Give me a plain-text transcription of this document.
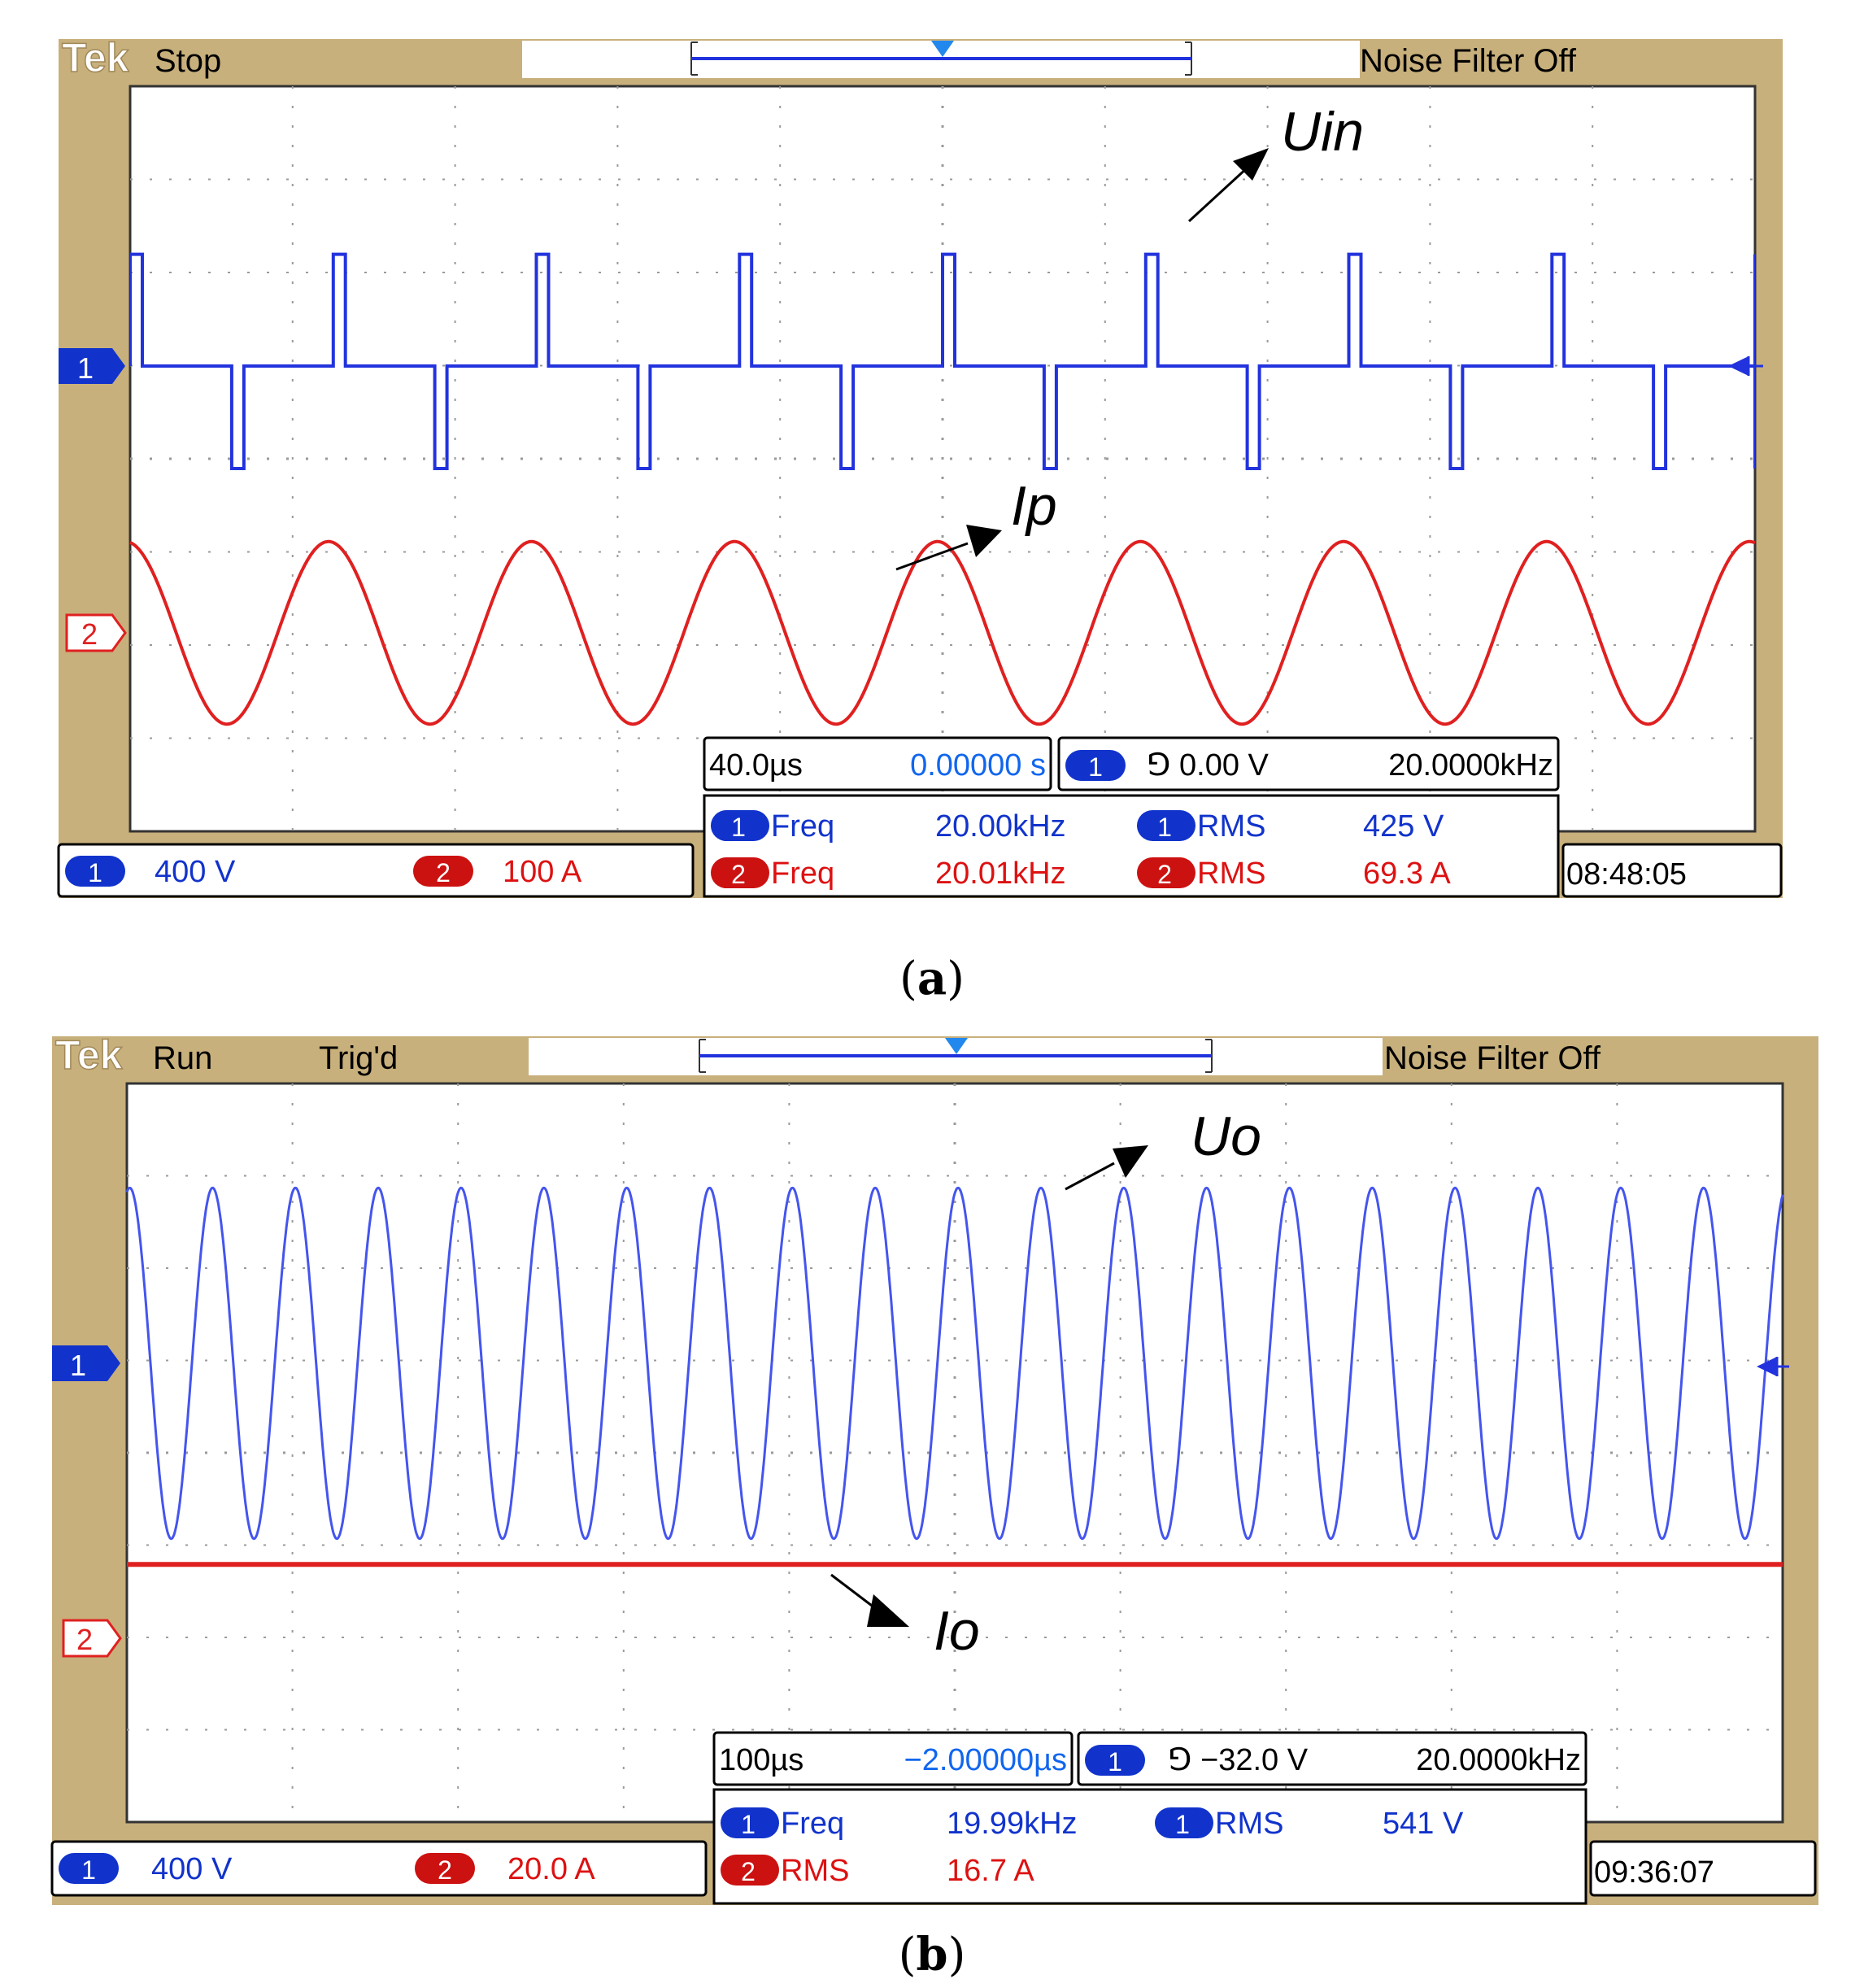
Tek Stop	Noise Filter Off
1
2
Uin
Ip
40.0µs	0.00000 s 1 ⅁ 0.00 V	20.0000kHz
1 Freq	20.00kHz	1 RMS	425 V
2 Freq	20.01kHz	2 RMS	69.3 A
1 400 V	2 100 A	08:48:05
(a)
Tek Run	Trig'd	Noise Filter Off
1
2
Uo
Io
100µs	−2.00000µs 1 ⅁ −32.0 V	20.0000kHz
1 Freq	19.99kHz	1 RMS	541 V
2 RMS	16.7 A
1 400 V	2 20.0 A	09:36:07
(b)
